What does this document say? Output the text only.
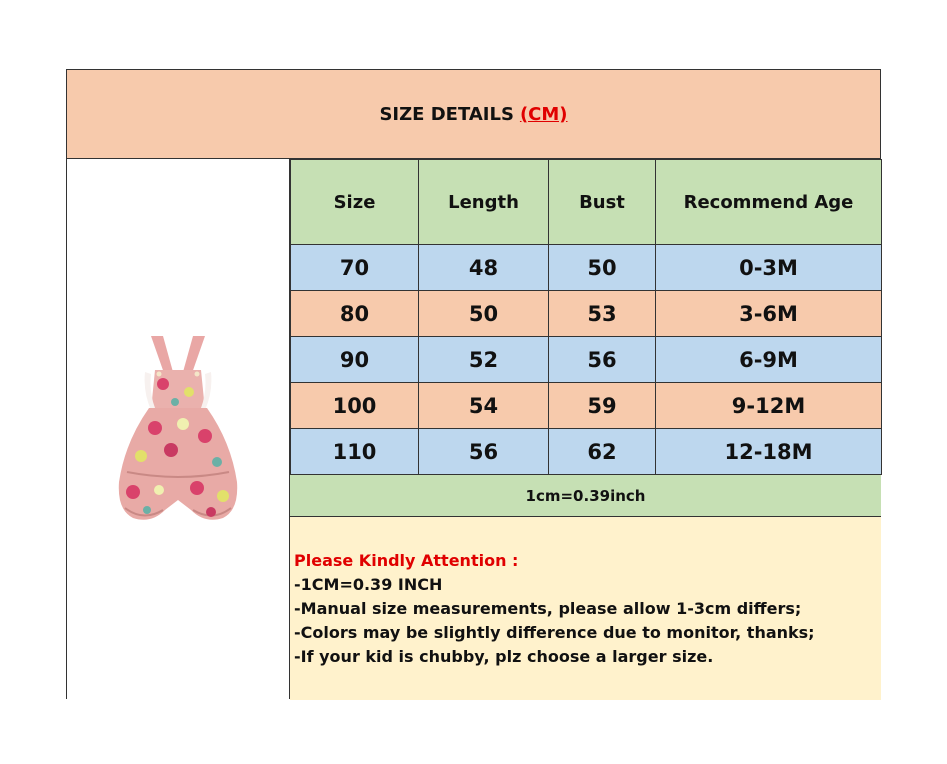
SIZE DETAILS (CM)
Size	Length	Bust	Recommend Age
70	48	50	0-3M
80	50	53	3-6M
90	52	56	6-9M
100	54	59	9-12M
110	56	62	12-18M
1cm=0.39inch
Please Kindly Attention :
-1CM=0.39 INCH
-Manual size measurements, please allow 1-3cm differs;
-Colors may be slightly difference due to monitor, thanks;
-If your kid is chubby, plz choose a larger size.
